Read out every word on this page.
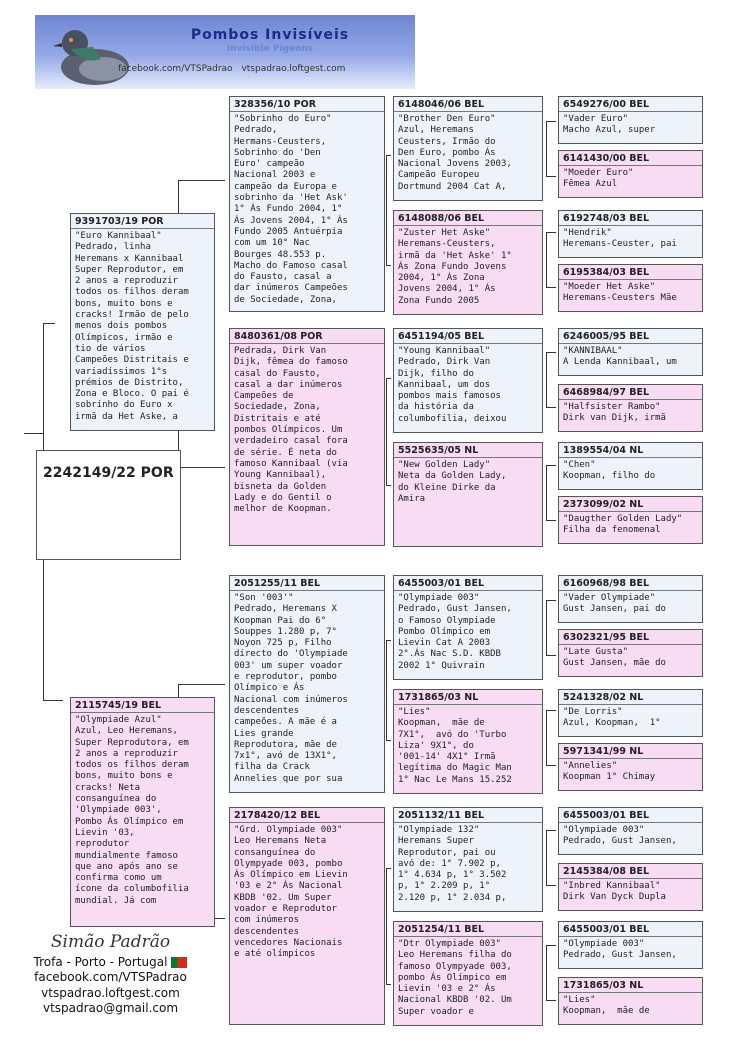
Pombos Invisíveis
Invisible Pigeons
facebook.com/VTSPadrao vtspadrao.loftgest.com
2242149/22 POR
9391703/19 POR
"Euro Kannibaal"
Pedrado, linha
Heremans x Kannibaal
Super Reprodutor, em
2 anos a reproduzir
todos os filhos deram
bons, muito bons e
cracks! Irmão de pelo
menos dois pombos
Olímpicos, irmão e
tio de vários
Campeões Distritais e
variadíssimos 1°s
prémios de Distrito,
Zona e Bloco. O pai é
sobrinho do Euro x
irmã da Het Aske, a
2115745/19 BEL
"Olympiade Azul"
Azul, Leo Heremans,
Super Reprodutora, em
2 anos a reproduzir
todos os filhos deram
bons, muito bons e
cracks! Neta
consanguínea do
'Olympiade 003',
Pombo Ás Olímpico em
Lievin '03,
reprodutor
mundialmente famoso
que ano após ano se
confirma como um
ícone da columbofilia
mundial. Já com
328356/10 POR
"Sobrinho do Euro"
Pedrado,
Hermans-Ceusters,
Sobrinho do 'Den
Euro' campeão
Nacional 2003 e
campeão da Europa e
sobrinho da 'Het Ask'
1° Ás Fundo 2004, 1°
Ás Jovens 2004, 1° Ás
Fundo 2005 Antuérpia
com um 10° Nac
Bourges 48.553 p.
Macho do Famoso casal
do Fausto, casal a
dar inúmeros Campeões
de Sociedade, Zona,
8480361/08 POR
Pedrada, Dirk Van
Dijk, fêmea do famoso
casal do Fausto,
casal a dar inúmeros
Campeões de
Sociedade, Zona,
Distritais e até
pombos Olímpicos. Um
verdadeiro casal fora
de série. É neta do
famoso Kannibaal (via
Young Kannibaal),
bisneta da Golden
Lady e do Gentil o
melhor de Koopman.
2051255/11 BEL
"Son '003'"
Pedrado, Heremans X
Koopman Pai do 6°
Souppes 1.280 p, 7°
Noyon 725 p, Filho
directo do 'Olympiade
003' um super voador
e reprodutor, pombo
Olímpico e Ás
Nacional com inúmeros
descendentes
campeões. A mãe é a
Lies grande
Reprodutora, mãe de
7x1°, avó de 13X1°,
filha da Crack
Annelies que por sua
2178420/12 BEL
"Grd. Olympiade 003"
Leo Heremans Neta
consanguínea do
Olympyade 003, pombo
Ás Olímpico em Lievin
'03 e 2° Ás Nacional
KBDB '02. Um Super
voador e Reprodutor
com inúmeros
descendentes
vencedores Nacionais
e até olímpicos
6148046/06 BEL
"Brother Den Euro"
Azul, Heremans
Ceusters, Irmão do
Den Euro, pombo Ás
Nacional Jovens 2003,
Campeão Europeu
Dortmund 2004 Cat A,
6148088/06 BEL
"Zuster Het Aske"
Heremans-Ceusters,
irmã da 'Het Aske' 1°
Ás Zona Fundo Jovens
2004, 1° Ás Zona
Jovens 2004, 1° Ás
Zona Fundo 2005
6451194/05 BEL
"Young Kannibaal"
Pedrado, Dirk Van
Dijk, filho do
Kannibaal, um dos
pombos mais famosos
da história da
columbofilia, deixou
5525635/05 NL
"New Golden Lady"
Neta da Golden Lady,
do Kleine Dirke da
Amira
6455003/01 BEL
"Olympiade 003"
Pedrado, Gust Jansen,
o Famoso Olympiade
Pombo Olímpico em
Lievin Cat A 2003
2°.Ás Nac S.D. KBDB
2002 1° Quivrain
1731865/03 NL
"Lies"
Koopman,  mãe de
7X1°,  avó do 'Turbo
Liza' 9X1°, do
'001-14' 4X1° Irmã
legítima do Magic Man
1° Nac Le Mans 15.252
2051132/11 BEL
"Olympiade 132"
Heremans Super
Reprodutor, pai ou
avó de: 1° 7.902 p,
1° 4.634 p, 1° 3.502
p, 1° 2.209 p, 1°
2.120 p, 1° 2.034 p,
2051254/11 BEL
"Dtr Olympiade 003"
Leo Heremans filha do
famoso Olympyade 003,
pombo Ás Olímpico em
Lievin '03 e 2° Ás
Nacional KBDB '02. Um
Super voador e
6549276/00 BEL
"Vader Euro"
Macho Azul, super
6141430/00 BEL
"Moeder Euro"
Fêmea Azul
6192748/03 BEL
"Hendrik"
Heremans-Ceuster, pai
6195384/03 BEL
"Moeder Het Aske"
Heremans-Ceusters Mãe
6246005/95 BEL
"KANNIBAAL"
A Lenda Kannibaal, um
6468984/97 BEL
"Halfsister Rambo"
Dirk van Dijk, irmã
1389554/04 NL
"Chen"
Koopman, filho do
2373099/02 NL
"Daugther Golden Lady"
Filha da fenomenal
6160968/98 BEL
"Vader Olympiade"
Gust Jansen, pai do
6302321/95 BEL
"Late Gusta"
Gust Jansen, mãe do
5241328/02 NL
"De Lorris"
Azul, Koopman,  1°
5971341/99 NL
"Annelies"
Koopman 1° Chimay
6455003/01 BEL
"Olympiade 003"
Pedrado, Gust Jansen,
2145384/08 BEL
"Inbred Kannibaal"
Dirk Van Dyck Dupla
6455003/01 BEL
"Olympiade 003"
Pedrado, Gust Jansen,
1731865/03 NL
"Lies"
Koopman,  mãe de
Simão Padrão
Trofa - Porto - Portugal
facebook.com/VTSPadrao
vtspadrao.loftgest.com
vtspadrao@gmail.com
